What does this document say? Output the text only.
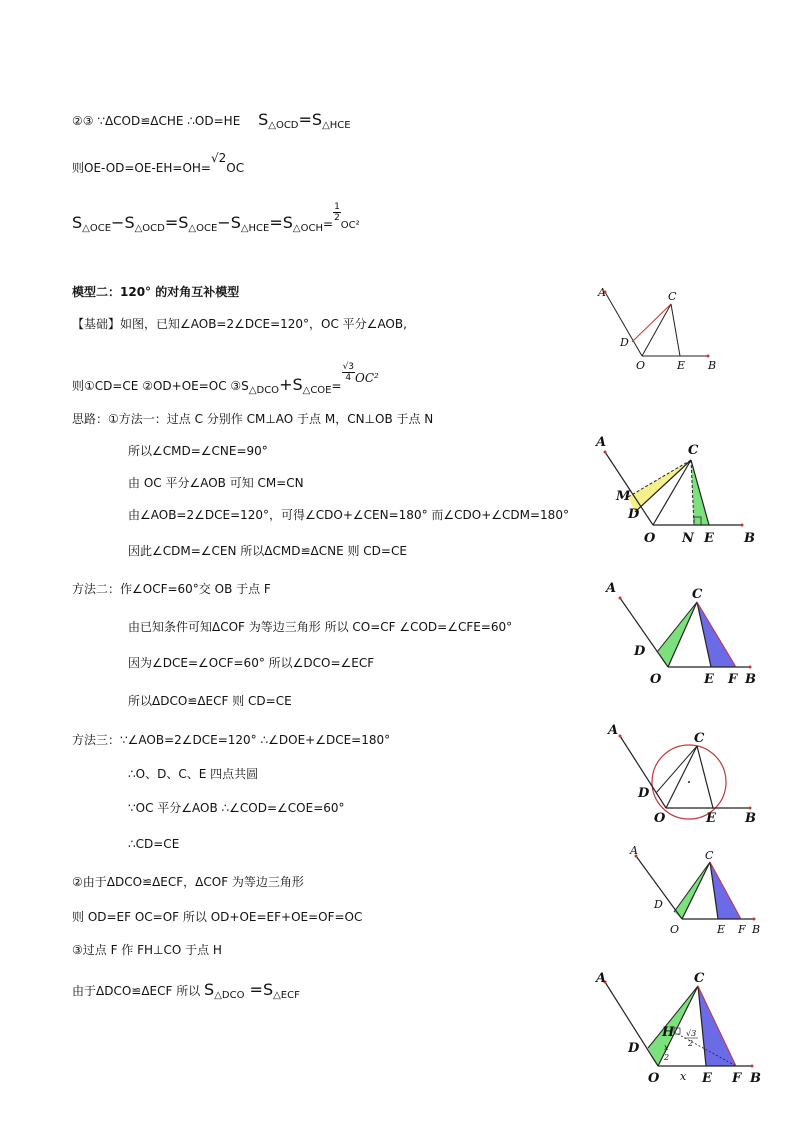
②③ ∵ΔCOD≌ΔCHE ∴OD=HE $S_{\triangle OCD}=S_{\triangle HCE}$
则OE-OD=OE-EH=OH=√2OC
$S_{\triangle OCE}-S_{\triangle OCD}=S_{\triangle OCE}-S_{\triangle HCE}=S_{\triangle OCH}=$
$\frac{1}{2}OC^2$
模型二：120° 的对角互补模型
【基础】如图，已知∠AOB=2∠DCE=120°，OC 平分∠AOB,
则①CD=CE ②OD+OE=OC $③S_{\triangle DCO}+S_{\triangle COE}=$
$\frac{√3}{4}OC^2$
思路：①方法一：过点 C 分别作 CM⊥AO 于点 M，CN⊥OB 于点 N
所以∠CMD=∠CNE=90°
由 OC 平分∠AOB 可知 CM=CN
由∠AOB=2∠DCE=120°，可得∠CDO+∠CEN=180° 而∠CDO+∠CDM=180°
因此∠CDM=∠CEN 所以ΔCMD≌ΔCNE 则 CD=CE
方法二：作∠OCF=60°交 OB 于点 F
由已知条件可知ΔCOF 为等边三角形 所以 CO=CF ∠COD=∠CFE=60°
因为∠DCE=∠OCF=60° 所以∠DCO=∠ECF
所以ΔDCO≌ΔECF 则 CD=CE
方法三：∵∠AOB=2∠DCE=120° ∴∠DOE+∠DCE=180°
∴O、D、C、E 四点共圆
∵OC 平分∠AOB ∴∠COD=∠COE=60°
∴CD=CE
②由于ΔDCO≌ΔECF，ΔCOF 为等边三角形
则 OD=EF OC=OF 所以 OD+OE=EF+OE=OF=OC
③过点 F 作 FH⊥CO 于点 H
由于ΔDCO≌ΔECF 所以 $S_{\triangle DCO} =S_{\triangle ECF}$
A	C
D
O	E B
A
C
M
D
O N E B
A	C
D
O	E F B
A
C
D
O	E B
A	C
D
O	E F B
A	C
H
D
O x E F B
√3
2
x
2
